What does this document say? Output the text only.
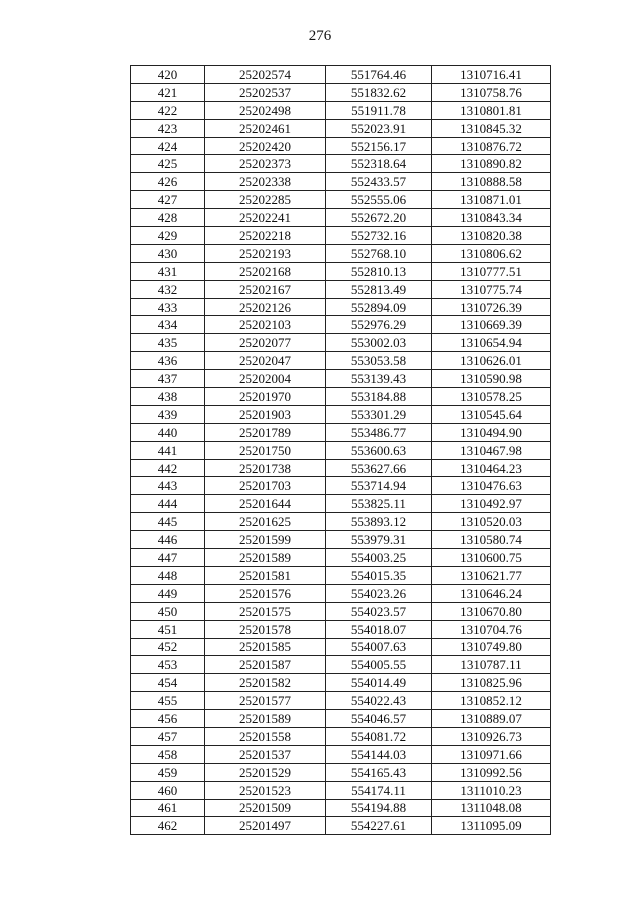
276
420	25202574	551764.46	1310716.41
421	25202537	551832.62	1310758.76
422	25202498	551911.78	1310801.81
423	25202461	552023.91	1310845.32
424	25202420	552156.17	1310876.72
425	25202373	552318.64	1310890.82
426	25202338	552433.57	1310888.58
427	25202285	552555.06	1310871.01
428	25202241	552672.20	1310843.34
429	25202218	552732.16	1310820.38
430	25202193	552768.10	1310806.62
431	25202168	552810.13	1310777.51
432	25202167	552813.49	1310775.74
433	25202126	552894.09	1310726.39
434	25202103	552976.29	1310669.39
435	25202077	553002.03	1310654.94
436	25202047	553053.58	1310626.01
437	25202004	553139.43	1310590.98
438	25201970	553184.88	1310578.25
439	25201903	553301.29	1310545.64
440	25201789	553486.77	1310494.90
441	25201750	553600.63	1310467.98
442	25201738	553627.66	1310464.23
443	25201703	553714.94	1310476.63
444	25201644	553825.11	1310492.97
445	25201625	553893.12	1310520.03
446	25201599	553979.31	1310580.74
447	25201589	554003.25	1310600.75
448	25201581	554015.35	1310621.77
449	25201576	554023.26	1310646.24
450	25201575	554023.57	1310670.80
451	25201578	554018.07	1310704.76
452	25201585	554007.63	1310749.80
453	25201587	554005.55	1310787.11
454	25201582	554014.49	1310825.96
455	25201577	554022.43	1310852.12
456	25201589	554046.57	1310889.07
457	25201558	554081.72	1310926.73
458	25201537	554144.03	1310971.66
459	25201529	554165.43	1310992.56
460	25201523	554174.11	1311010.23
461	25201509	554194.88	1311048.08
462	25201497	554227.61	1311095.09
